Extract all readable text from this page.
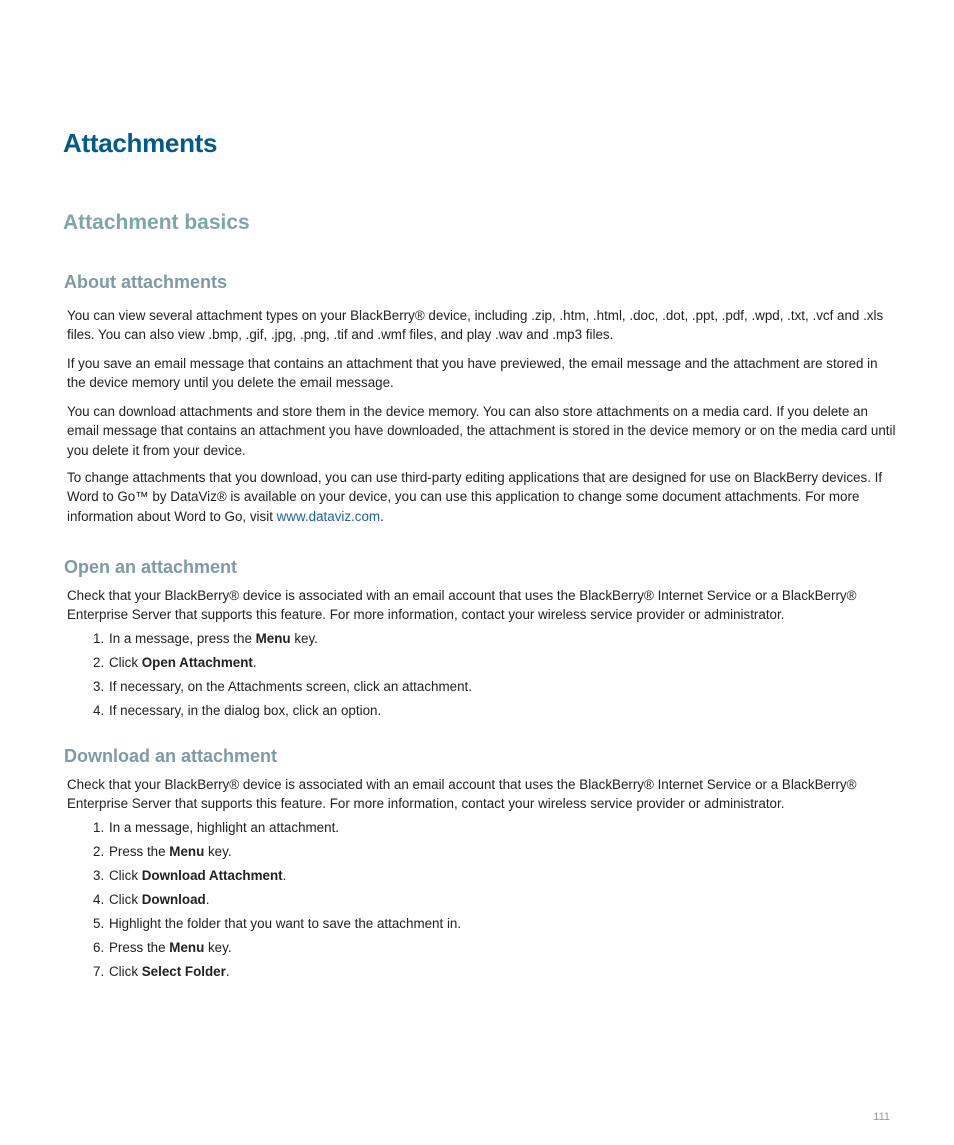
Attachments
Attachment basics
About attachments

You can view several attachment types on your BlackBerry® device, including .zip, .htm, .html, .doc, .dot, .ppt, .pdf, .wpd, .txt, .vcf and .xls files. You can also view .bmp, .gif, .jpg, .png, .tif and .wmf files, and play .wav and .mp3 files.

If you save an email message that contains an attachment that you have previewed, the email message and the attachment are stored in the device memory until you delete the email message.

You can download attachments and store them in the device memory. You can also store attachments on a media card. If you delete an email message that contains an attachment you have downloaded, the attachment is stored in the device memory or on the media card until you delete it from your device.

To change attachments that you download, you can use third-party editing applications that are designed for use on BlackBerry devices. If Word to Go™ by DataViz® is available on your device, you can use this application to change some document attachments. For more information about Word to Go, visit www.dataviz.com.

Open an attachment

Check that your BlackBerry® device is associated with an email account that uses the BlackBerry® Internet Service or a BlackBerry® Enterprise Server that supports this feature. For more information, contact your wireless service provider or administrator.

1. In a message, press the Menu key.
2. Click Open Attachment.
3. If necessary, on the Attachments screen, click an attachment.
4. If necessary, in the dialog box, click an option.
Download an attachment

Check that your BlackBerry® device is associated with an email account that uses the BlackBerry® Internet Service or a BlackBerry® Enterprise Server that supports this feature. For more information, contact your wireless service provider or administrator.

1. In a message, highlight an attachment.
2. Press the Menu key.
3. Click Download Attachment.
4. Click Download.
5. Highlight the folder that you want to save the attachment in.
6. Press the Menu key.
7. Click Select Folder.
111
